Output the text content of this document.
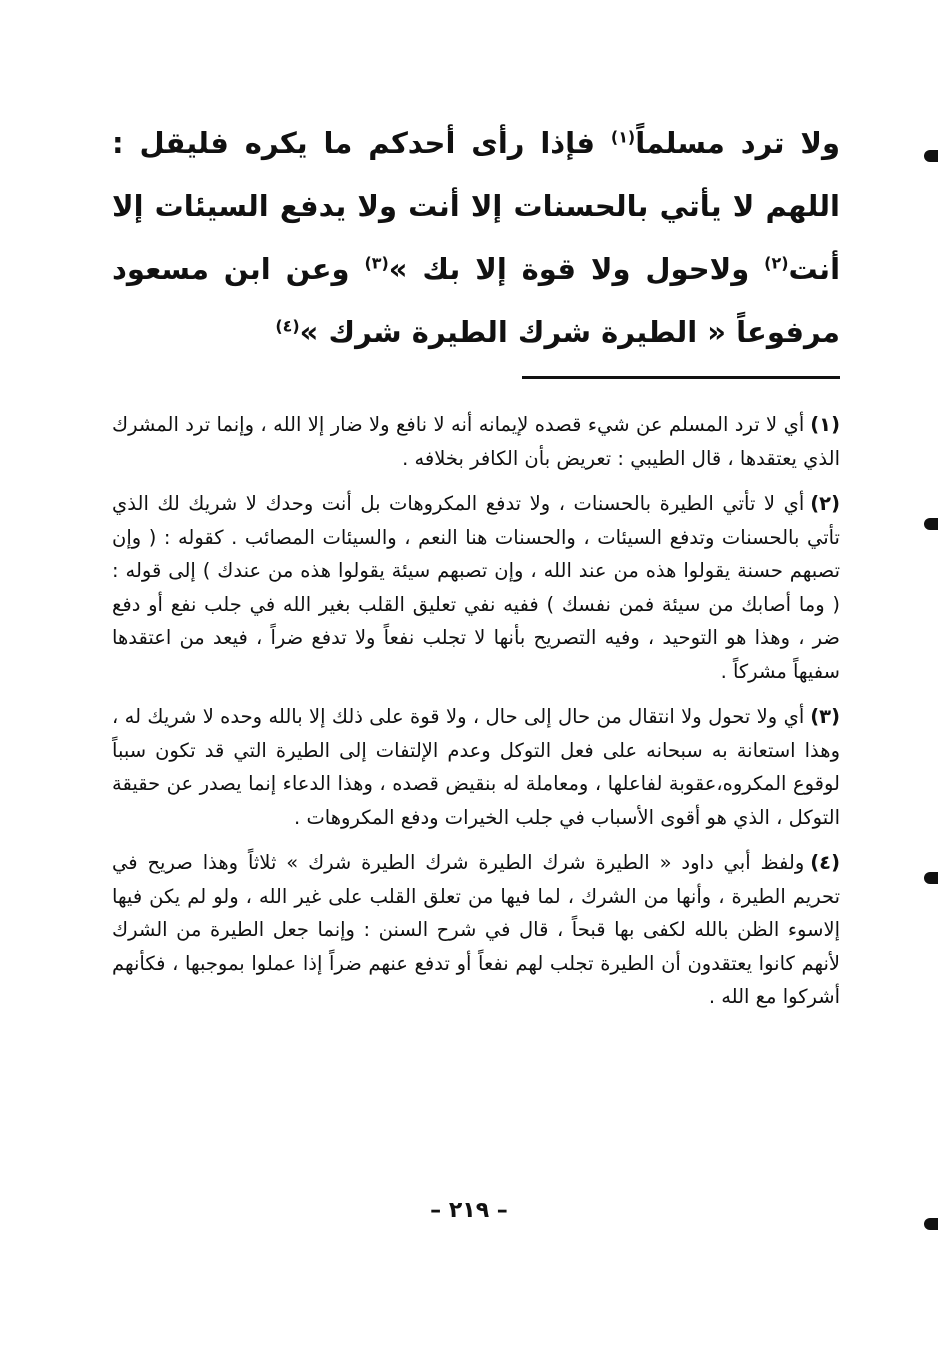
ولا ترد مسلماً$^{(١)}$ فإذا رأى أحدكم ما يكره فليقل : اللهم لا يأتي بالحسنات إلا أنت ولا يدفع السيئات إلا أنت$^{(٢)}$ ولاحول ولا قوة إلا بك »$^{(٣)}$ وعن ابن مسعود مرفوعاً « الطيرة شرك الطيرة شرك »$^{(٤)}$

(١)أي لا ترد المسلم عن شيء قصده لإيمانه أنه لا نافع ولا ضار إلا الله ، وإنما ترد المشرك الذي يعتقدها ، قال الطيبي : تعريض بأن الكافر بخلافه .

(٢)أي لا تأتي الطيرة بالحسنات ، ولا تدفع المكروهات بل أنت وحدك لا شريك لك الذي تأتي بالحسنات وتدفع السيئات ، والحسنات هنا النعم ، والسيئات المصائب . كقوله : ( وإن تصبهم حسنة يقولوا هذه من عند الله ، وإن تصبهم سيئة يقولوا هذه من عندك ) إلى قوله : ( وما أصابك من سيئة فمن نفسك ) ففيه نفي تعليق القلب بغير الله في جلب نفع أو دفع ضر ، وهذا هو التوحيد ، وفيه التصريح بأنها لا تجلب نفعاً ولا تدفع ضراً ، فيعد من اعتقدها سفيهاً مشركاً .

(٣)أي ولا تحول ولا انتقال من حال إلى حال ، ولا قوة على ذلك إلا بالله وحده لا شريك له ، وهذا استعانة به سبحانه على فعل التوكل وعدم الإلتفات إلى الطيرة التي قد تكون سبباً لوقوع المكروه،عقوبة لفاعلها ، ومعاملة له بنقيض قصده ، وهذا الدعاء إنما يصدر عن حقيقة التوكل ، الذي هو أقوى الأسباب في جلب الخيرات ودفع المكروهات .

(٤)ولفظ أبي داود « الطيرة شرك الطيرة شرك الطيرة شرك » ثلاثاً وهذا صريح في تحريم الطيرة ، وأنها من الشرك ، لما فيها من تعلق القلب على غير الله ، ولو لم يكن فيها إلاسوء الظن بالله لكفى بها قبحاً ، قال في شرح السنن : وإنما جعل الطيرة من الشرك لأنهم كانوا يعتقدون أن الطيرة تجلب لهم نفعاً أو تدفع عنهم ضراً إذا عملوا بموجبها ، فكأنهم أشركوا مع الله .

– ٢١٩ –
